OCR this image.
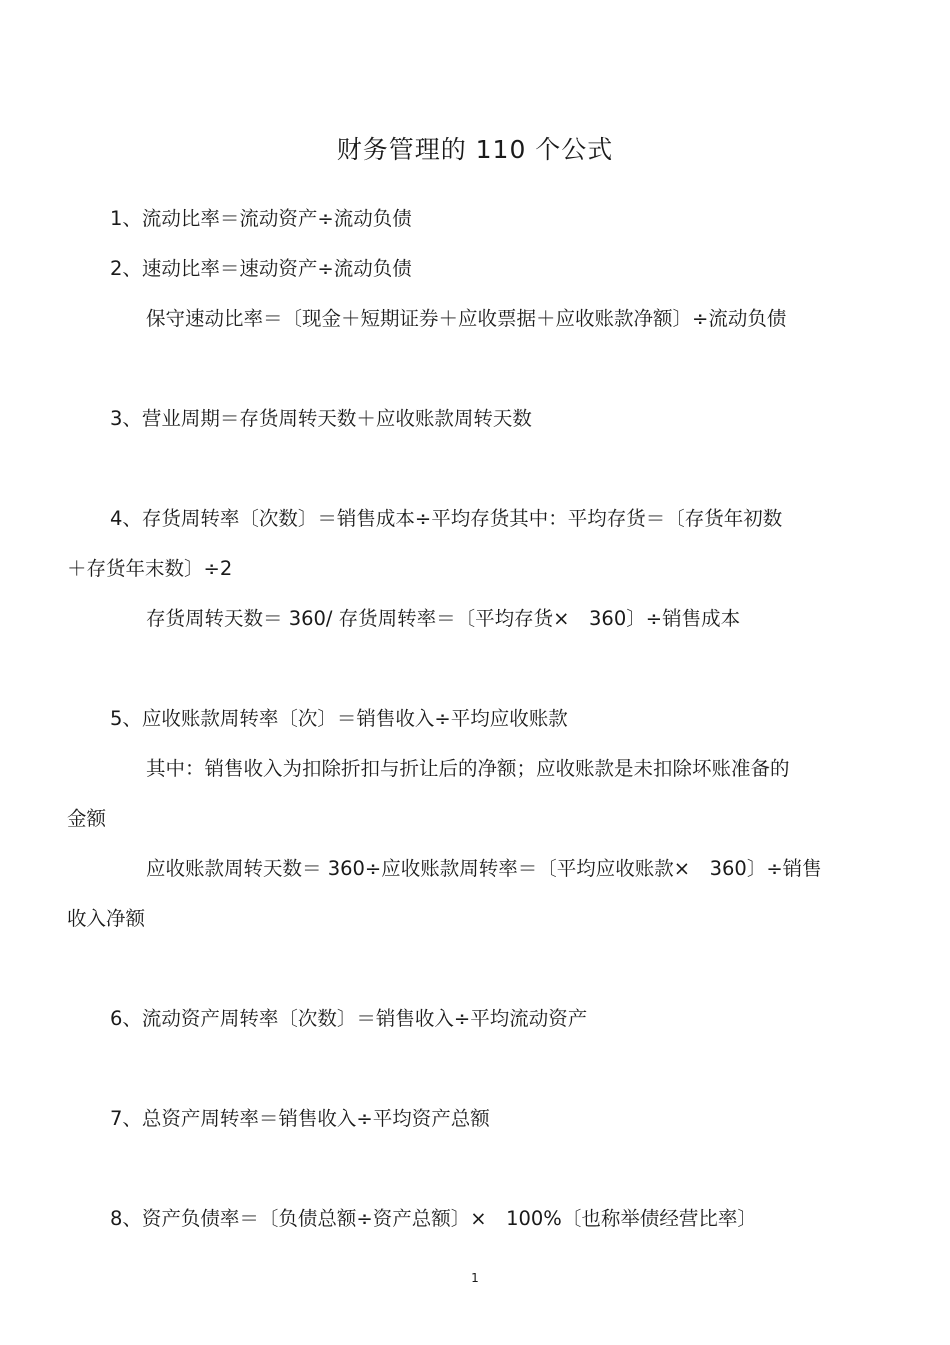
财务管理的 110 个公式
1、流动比率＝流动资产÷流动负债
2、速动比率＝速动资产÷流动负债
保守速动比率＝〔现金＋短期证券＋应收票据＋应收账款净额〕÷流动负债
3、营业周期＝存货周转天数＋应收账款周转天数
4、存货周转率〔次数〕＝销售成本÷平均存货其中：平均存货＝〔存货年初数
＋存货年末数〕÷2
存货周转天数＝ 360/ 存货周转率＝〔平均存货×　360〕÷销售成本
5、应收账款周转率〔次〕＝销售收入÷平均应收账款
其中：销售收入为扣除折扣与折让后的净额；应收账款是未扣除坏账准备的
金额
应收账款周转天数＝ 360÷应收账款周转率＝〔平均应收账款×　360〕÷销售
收入净额
6、流动资产周转率〔次数〕＝销售收入÷平均流动资产
7、总资产周转率＝销售收入÷平均资产总额
8、资产负债率＝〔负债总额÷资产总额〕×　100%〔也称举债经营比率〕
1
